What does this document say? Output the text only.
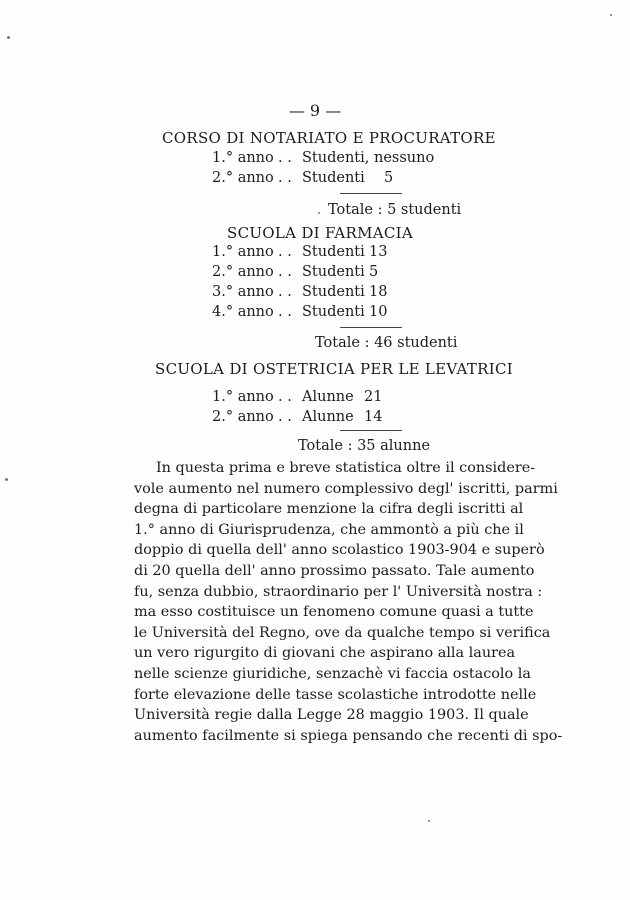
— 9 —
CORSO DI NOTARIATO E PROCURATORE
1.° anno . . Studenti, nessuno
2.° anno . . Studenti 5
Totale : 5 studenti
SCUOLA DI FARMACIA
1.° anno . . Studenti 13
2.° anno . . Studenti 5
3.° anno . . Studenti 18
4.° anno . . Studenti 10
Totale : 46 studenti
SCUOLA DI OSTETRICIA PER LE LEVATRICI
1.° anno . . Alunne 21
2.° anno . . Alunne 14
Totale : 35 alunne
In questa prima e breve statistica oltre il considere-
vole aumento nel numero complessivo degl' iscritti, parmi
degna di particolare menzione la cifra degli iscritti al
1.° anno di Giurisprudenza, che ammontò a più che il
doppio di quella dell' anno scolastico 1903-904 e superò
di 20 quella dell' anno prossimo passato. Tale aumento
fu, senza dubbio, straordinario per l' Università nostra :
ma esso costituisce un fenomeno comune quasi a tutte
le Università del Regno, ove da qualche tempo si verifica
un vero rigurgito di giovani che aspirano alla laurea
nelle scienze giuridiche, senzachè vi faccia ostacolo la
forte elevazione delle tasse scolastiche introdotte nelle
Università regie dalla Legge 28 maggio 1903. Il quale
aumento facilmente si spiega pensando che recenti di spo-
